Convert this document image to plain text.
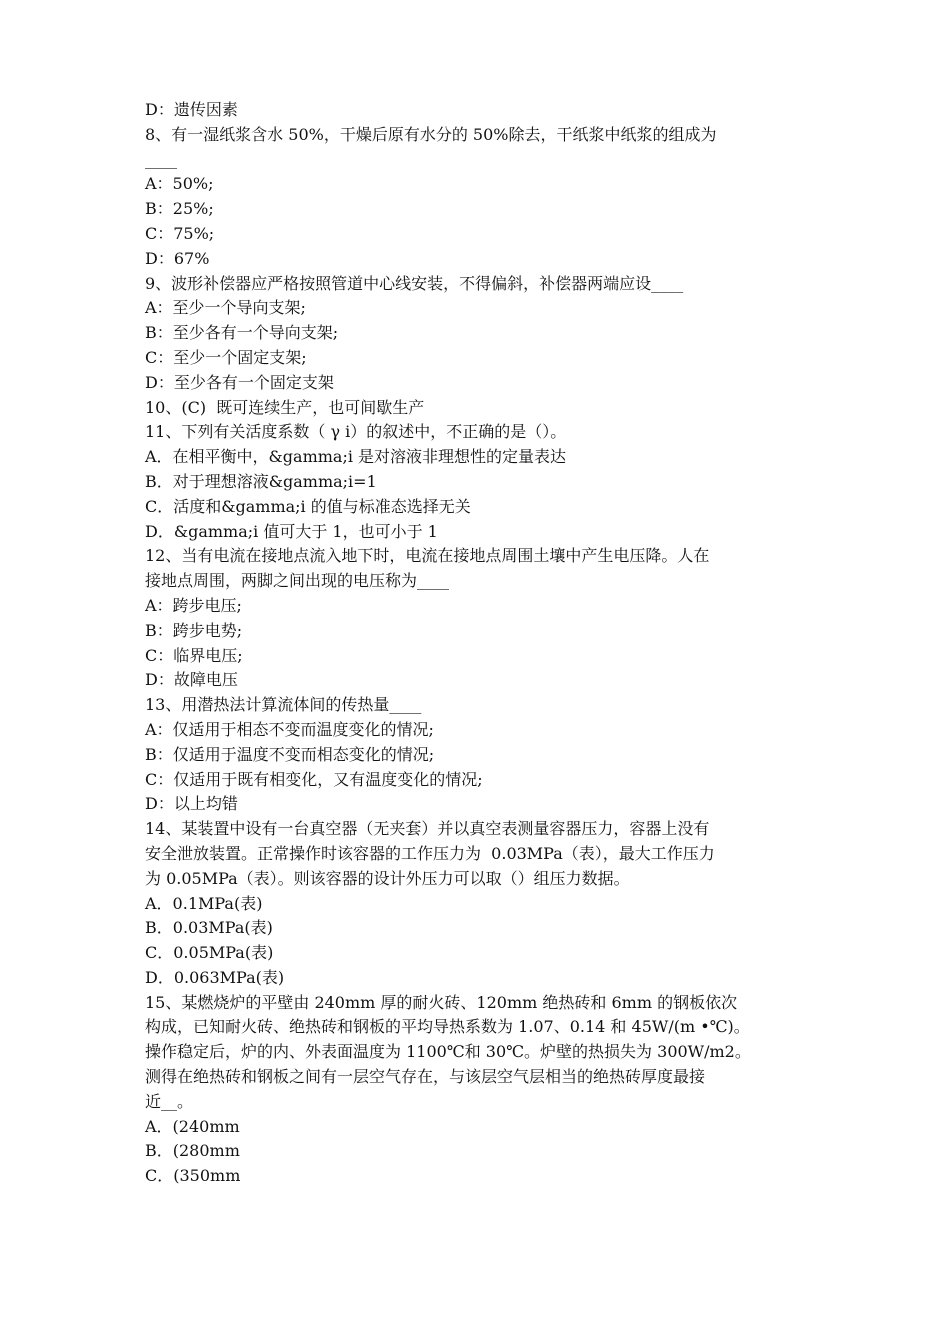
D：遗传因素
8、有一湿纸浆含水 50%，干燥后原有水分的 50%除去，干纸浆中纸浆的组成为
____
A：50%;
B：25%;
C：75%;
D：67%
9、波形补偿器应严格按照管道中心线安装，不得偏斜，补偿器两端应设____
A：至少一个导向支架;
B：至少各有一个导向支架;
C：至少一个固定支架;
D：至少各有一个固定支架
10、(C)  既可连续生产，也可间歇生产
11、下列有关活度系数（ γ i）的叙述中，不正确的是（）。
A．在相平衡中，&gamma;i 是对溶液非理想性的定量表达
B．对于理想溶液&gamma;i=1
C．活度和&gamma;i 的值与标准态选择无关
D．&gamma;i 值可大于 1，也可小于 1
12、当有电流在接地点流入地下时，电流在接地点周围土壤中产生电压降。人在
接地点周围，两脚之间出现的电压称为____
A：跨步电压;
B：跨步电势;
C：临界电压;
D：故障电压
13、用潜热法计算流体间的传热量____
A：仅适用于相态不变而温度变化的情况;
B：仅适用于温度不变而相态变化的情况;
C：仅适用于既有相变化，又有温度变化的情况;
D：以上均错
14、某装置中设有一台真空器（无夹套）并以真空表测量容器压力，容器上没有
安全泄放装置。正常操作时该容器的工作压力为  0.03MPa（表），最大工作压力
为 0.05MPa（表）。则该容器的设计外压力可以取（）组压力数据。
A．0.1MPa(表)
B．0.03MPa(表)
C．0.05MPa(表)
D．0.063MPa(表)
15、某燃烧炉的平壁由 240mm 厚的耐火砖、120mm 绝热砖和 6mm 的钢板依次
构成，已知耐火砖、绝热砖和钢板的平均导热系数为 1.07、0.14 和 45W/(m •℃)。
操作稳定后，炉的内、外表面温度为 1100℃和 30℃。炉壁的热损失为 300W/m2。
测得在绝热砖和钢板之间有一层空气存在，与该层空气层相当的绝热砖厚度最接
近__。
A．(240mm
B．(280mm
C．(350mm
